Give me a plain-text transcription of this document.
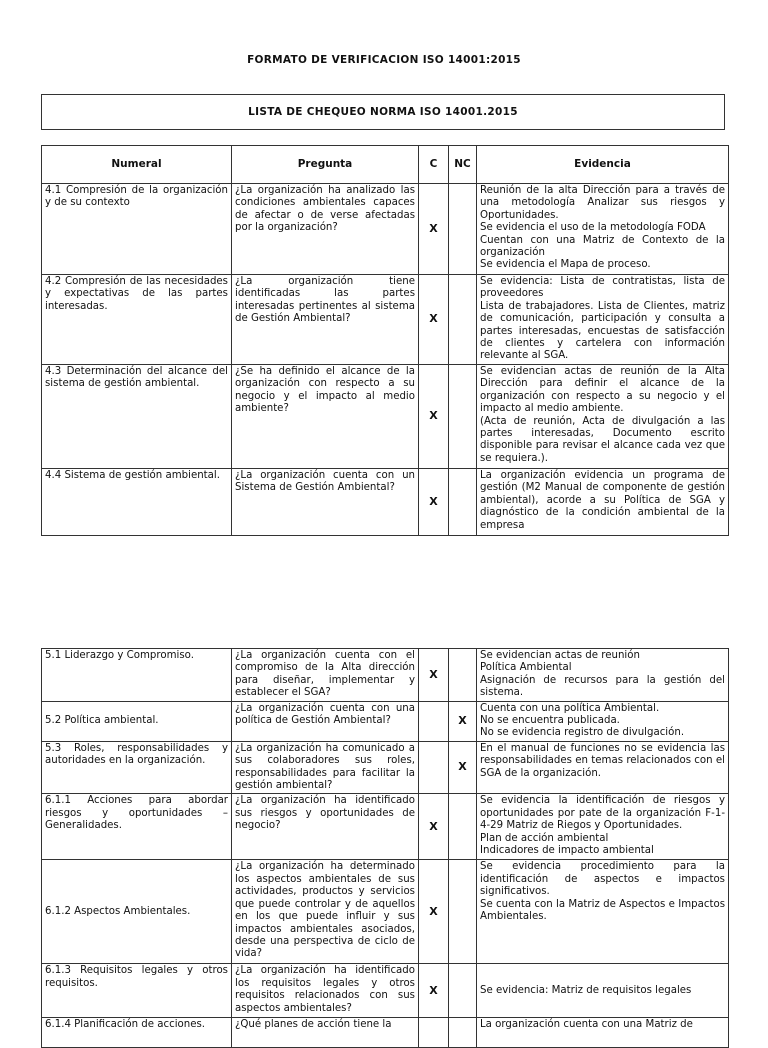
FORMATO DE VERIFICACION ISO 14001:2015
LISTA DE CHEQUEO NORMA ISO 14001.2015
Numeral	Pregunta	C	NC	Evidencia
4.1 Compresión de la organización y de su contexto	¿La organización ha analizado las condiciones ambientales capaces de afectar o de verse afectadas por la organización?	X		Reunión de la alta Dirección para a través de una metodología Analizar sus riesgos y Oportunidades.
Se evidencia el uso de la metodología FODA
Cuentan con una Matriz de Contexto de la organización
Se evidencia el Mapa de proceso.
4.2 Compresión de las necesidades y expectativas de las partes interesadas.	¿La organización tiene identificadas las partes interesadas pertinentes al sistema de Gestión Ambiental?	X		Se evidencia: Lista de contratistas, lista de proveedores
Lista de trabajadores. Lista de Clientes, matriz de comunicación, participación y consulta a partes interesadas, encuestas de satisfacción de clientes y cartelera con información relevante al SGA.
4.3 Determinación del alcance del sistema de gestión ambiental.	¿Se ha definido el alcance de la organización con respecto a su negocio y el impacto al medio ambiente?	X		Se evidencian actas de reunión de la Alta Dirección para definir el alcance de la organización con respecto a su negocio y el impacto al medio ambiente.
(Acta de reunión, Acta de divulgación a las partes interesadas, Documento escrito disponible para revisar el alcance cada vez que se requiera.).
4.4 Sistema de gestión ambiental.	¿La organización cuenta con un Sistema de Gestión Ambiental?	X		La organización evidencia un programa de gestión (M2 Manual de componente de gestión ambiental), acorde a su Política de SGA y diagnóstico de la condición ambiental de la empresa
5.1 Liderazgo y Compromiso.	¿La organización cuenta con el compromiso de la Alta dirección para diseñar, implementar y establecer el SGA?	X		Se evidencian actas de reunión
Política Ambiental
Asignación de recursos para la gestión del sistema.
5.2 Política ambiental.	¿La organización cuenta con una política de Gestión Ambiental?		X	Cuenta con una política Ambiental.
No se encuentra publicada.
No se evidencia registro de divulgación.
5.3 Roles, responsabilidades y autoridades en la organización.	¿La organización ha comunicado a sus colaboradores sus roles, responsabilidades para facilitar la gestión ambiental?		X	En el manual de funciones no se evidencia las responsabilidades en temas relacionados con el SGA de la organización.
6.1.1 Acciones para abordar riesgos y oportunidades – Generalidades.	¿La organización ha identificado sus riesgos y oportunidades de negocio?	X		Se evidencia la identificación de riesgos y oportunidades por pate de la organización F-1-4-29 Matriz de Riegos y Oportunidades.
Plan de acción ambiental
Indicadores de impacto ambiental
6.1.2 Aspectos Ambientales.	¿La organización ha determinado los aspectos ambientales de sus actividades, productos y servicios que puede controlar y de aquellos en los que puede influir y sus impactos ambientales asociados, desde una perspectiva de ciclo de vida?	X		Se evidencia procedimiento para la identificación de aspectos e impactos significativos.
Se cuenta con la Matriz de Aspectos e Impactos Ambientales.
6.1.3 Requisitos legales y otros requisitos.	¿La organización ha identificado los requisitos legales y otros requisitos relacionados con sus aspectos ambientales?	X		Se evidencia: Matriz de requisitos legales
6.1.4 Planificación de acciones.	¿Qué planes de acción tiene la			La organización cuenta con una Matriz de
